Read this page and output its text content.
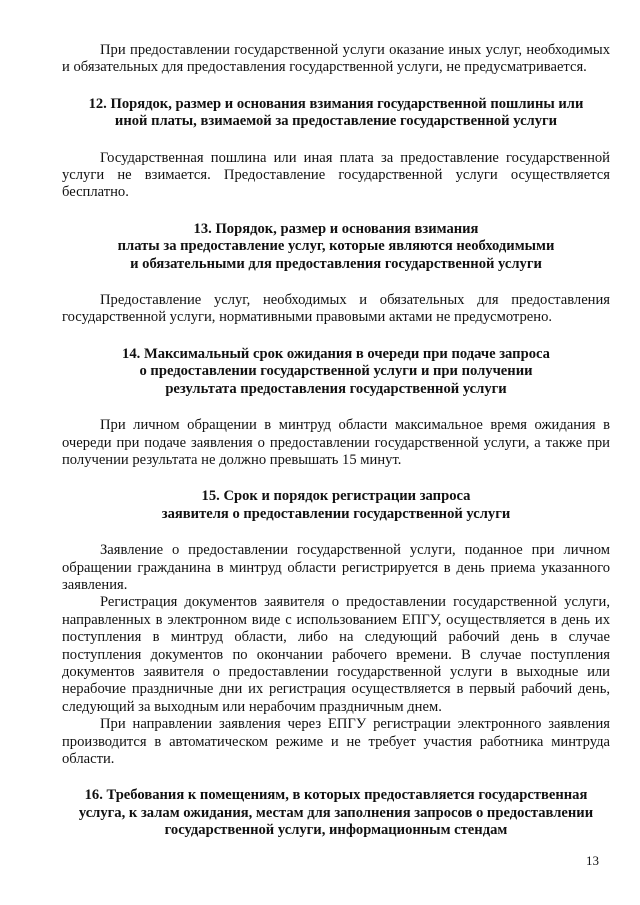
При предоставлении государственной услуги оказание иных услуг, необходимых и обязательных для предоставления государственной услуги, не предусматривается.

12. Порядок, размер и основания взимания государственной пошлины или
иной платы, взимаемой за предоставление государственной услуги

Государственная пошлина или иная плата за предоставление государственной услуги не взимается. Предоставление государственной услуги осуществляется бесплатно.

13. Порядок, размер и основания взимания
платы за предоставление услуг, которые являются необходимыми
и обязательными для предоставления государственной услуги

Предоставление услуг, необходимых и обязательных для предоставления государственной услуги, нормативными правовыми актами не предусмотрено.

14. Максимальный срок ожидания в очереди при подаче запроса
о предоставлении государственной услуги и при получении
результата предоставления государственной услуги

При личном обращении в минтруд области максимальное время ожидания в очереди при подаче заявления о предоставлении государственной услуги, а также при получении результата не должно превышать 15 минут.

15. Срок и порядок регистрации запроса
заявителя о предоставлении государственной услуги

Заявление о предоставлении государственной услуги, поданное при личном обращении гражданина в минтруд области регистрируется в день приема указанного заявления.

Регистрация документов заявителя о предоставлении государственной услуги, направленных в электронном виде с использованием ЕПГУ, осуществляется в день их поступления в минтруд области, либо на следующий рабочий день в случае поступления документов по окончании рабочего времени. В случае поступления документов заявителя о предоставлении государственной услуги в выходные или нерабочие праздничные дни их регистрация осуществляется в первый рабочий день, следующий за выходным или нерабочим праздничным днем.

При направлении заявления через ЕПГУ регистрации электронного заявления производится в автоматическом режиме и не требует участия работника минтруда области.

16. Требования к помещениям, в которых предоставляется государственная
услуга, к залам ожидания, местам для заполнения запросов о предоставлении
государственной услуги, информационным стендам
13
